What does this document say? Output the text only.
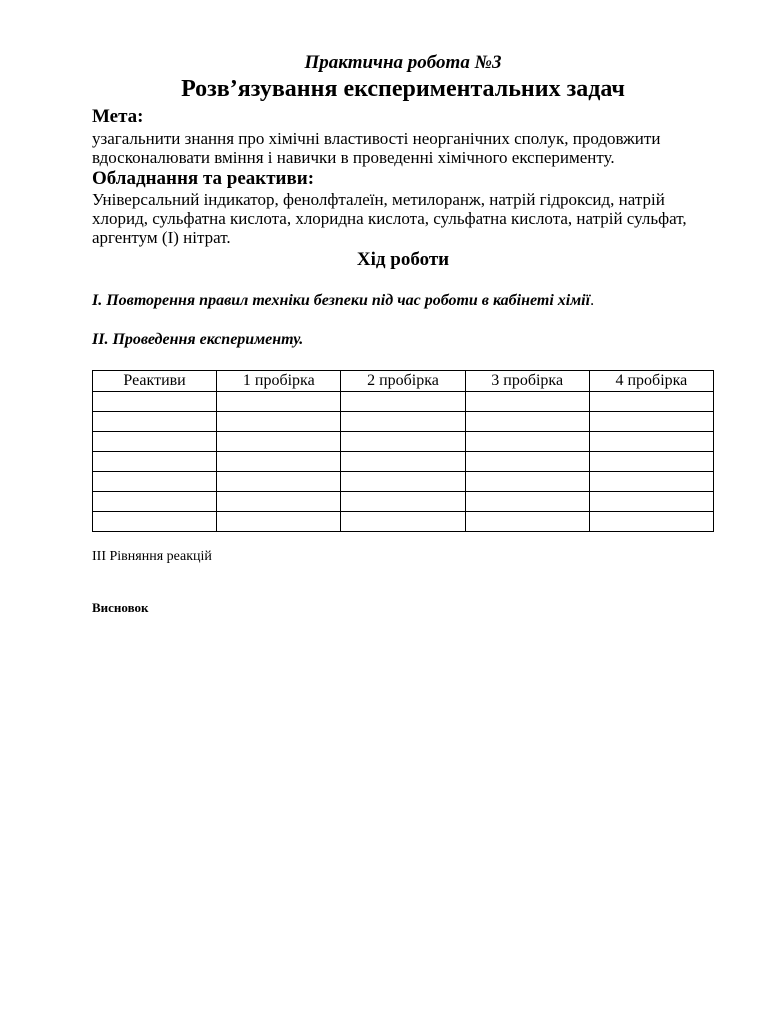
Практична робота №3
Розв’язування експериментальних задач
Мета:
узагальнити знання про хімічні властивості неорганічних сполук, продовжити вдосконалювати вміння і навички в проведенні хімічного експерименту.
Обладнання та реактиви:
Універсальний індикатор, фенолфталеїн, метилоранж, натрій гідроксид, натрій хлорид, сульфатна кислота, хлоридна кислота, сульфатна кислота, натрій сульфат, аргентум (І) нітрат.
Хід роботи
І. Повторення правил техніки безпеки під час роботи в кабінеті хімії.
ІІ. Проведення експерименту.
Реактиви	1 пробірка	2 пробірка	3 пробірка	4 пробірка

ІІІ Рівняння реакцій
Висновок
